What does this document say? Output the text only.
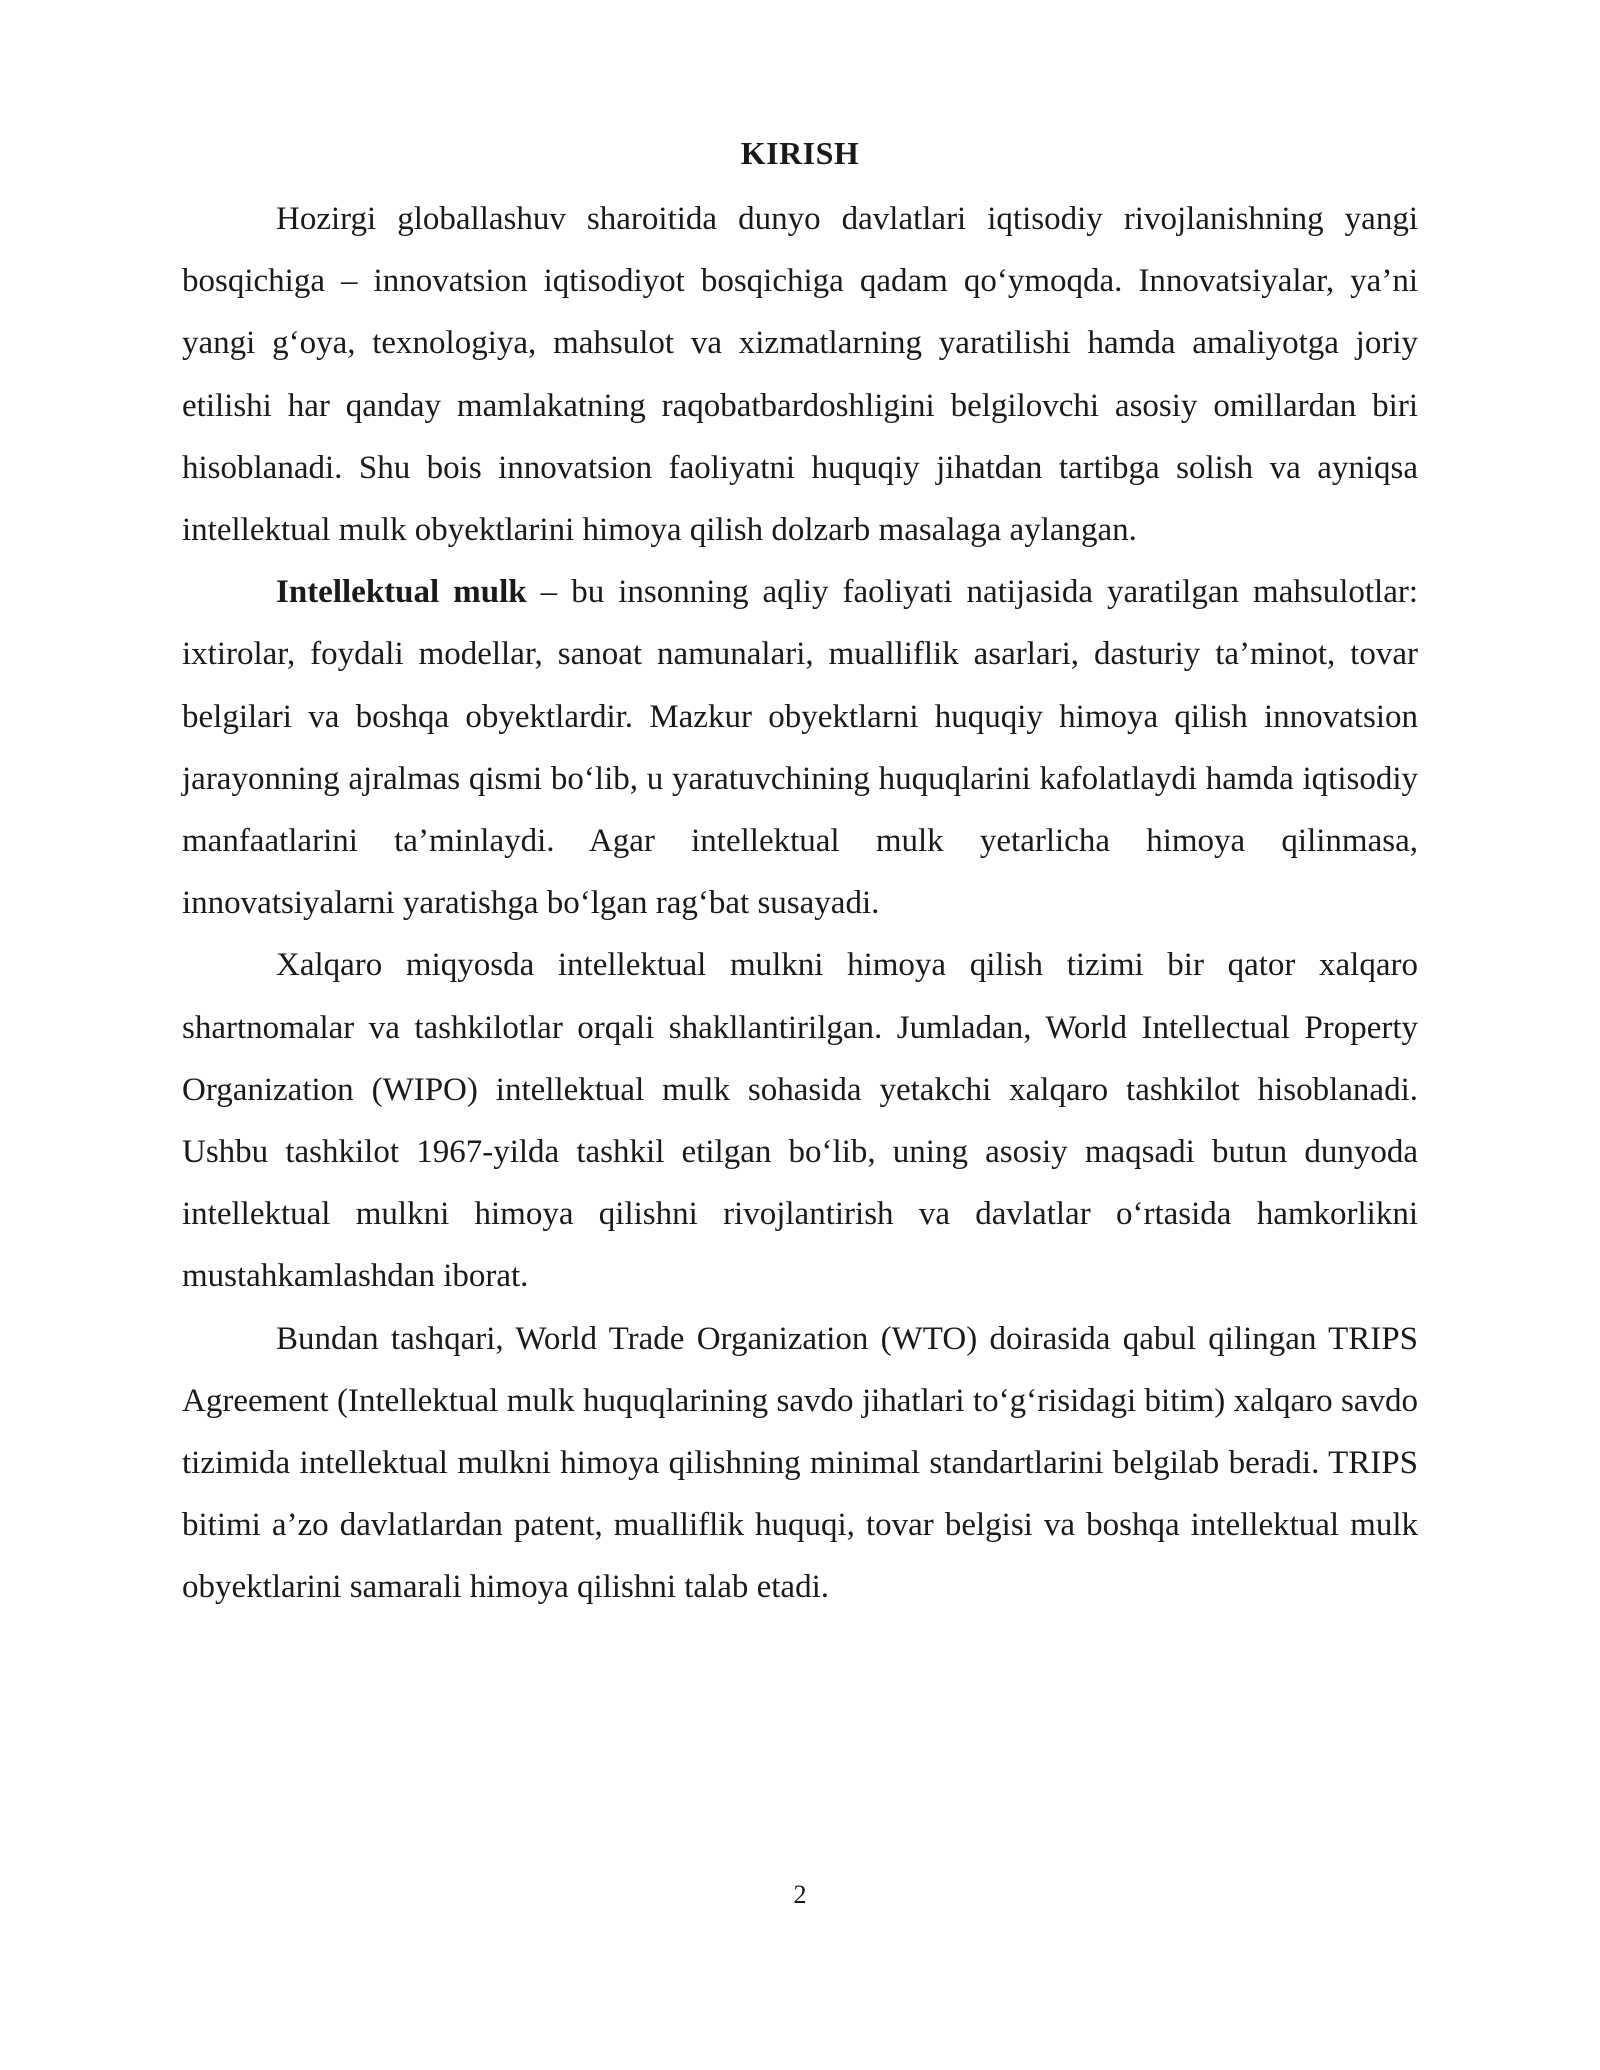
KIRISH

Hozirgi globallashuv sharoitida dunyo davlatlari iqtisodiy rivojlanishning yangi bosqichiga – innovatsion iqtisodiyot bosqichiga qadam qo‘ymoqda. Innovatsiyalar, ya’ni yangi g‘oya, texnologiya, mahsulot va xizmatlarning yaratilishi hamda amaliyotga joriy etilishi har qanday mamlakatning raqobatbardoshligini belgilovchi asosiy omillardan biri hisoblanadi. Shu bois innovatsion faoliyatni huquqiy jihatdan tartibga solish va ayniqsa intellektual mulk obyektlarini himoya qilish dolzarb masalaga aylangan.

Intellektual mulk – bu insonning aqliy faoliyati natijasida yaratilgan mahsulotlar: ixtirolar, foydali modellar, sanoat namunalari, mualliflik asarlari, dasturiy ta’minot, tovar belgilari va boshqa obyektlardir. Mazkur obyektlarni huquqiy himoya qilish innovatsion jarayonning ajralmas qismi bo‘lib, u yaratuvchining huquqlarini kafolatlaydi hamda iqtisodiy manfaatlarini ta’minlaydi. Agar intellektual mulk yetarlicha himoya qilinmasa, innovatsiyalarni yaratishga bo‘lgan rag‘bat susayadi.

Xalqaro miqyosda intellektual mulkni himoya qilish tizimi bir qator xalqaro shartnomalar va tashkilotlar orqali shakllantirilgan. Jumladan, World Intellectual Property Organization (WIPO) intellektual mulk sohasida yetakchi xalqaro tashkilot hisoblanadi. Ushbu tashkilot 1967-yilda tashkil etilgan bo‘lib, uning asosiy maqsadi butun dunyoda intellektual mulkni himoya qilishni rivojlantirish va davlatlar o‘rtasida hamkorlikni mustahkamlashdan iborat.

Bundan tashqari, World Trade Organization (WTO) doirasida qabul qilingan TRIPS Agreement (Intellektual mulk huquqlarining savdo jihatlari to‘g‘risidagi bitim) xalqaro savdo tizimida intellektual mulkni himoya qilishning minimal standartlarini belgilab beradi. TRIPS bitimi a’zo davlatlardan patent, mualliflik huquqi, tovar belgisi va boshqa intellektual mulk obyektlarini samarali himoya qilishni talab etadi.

2
